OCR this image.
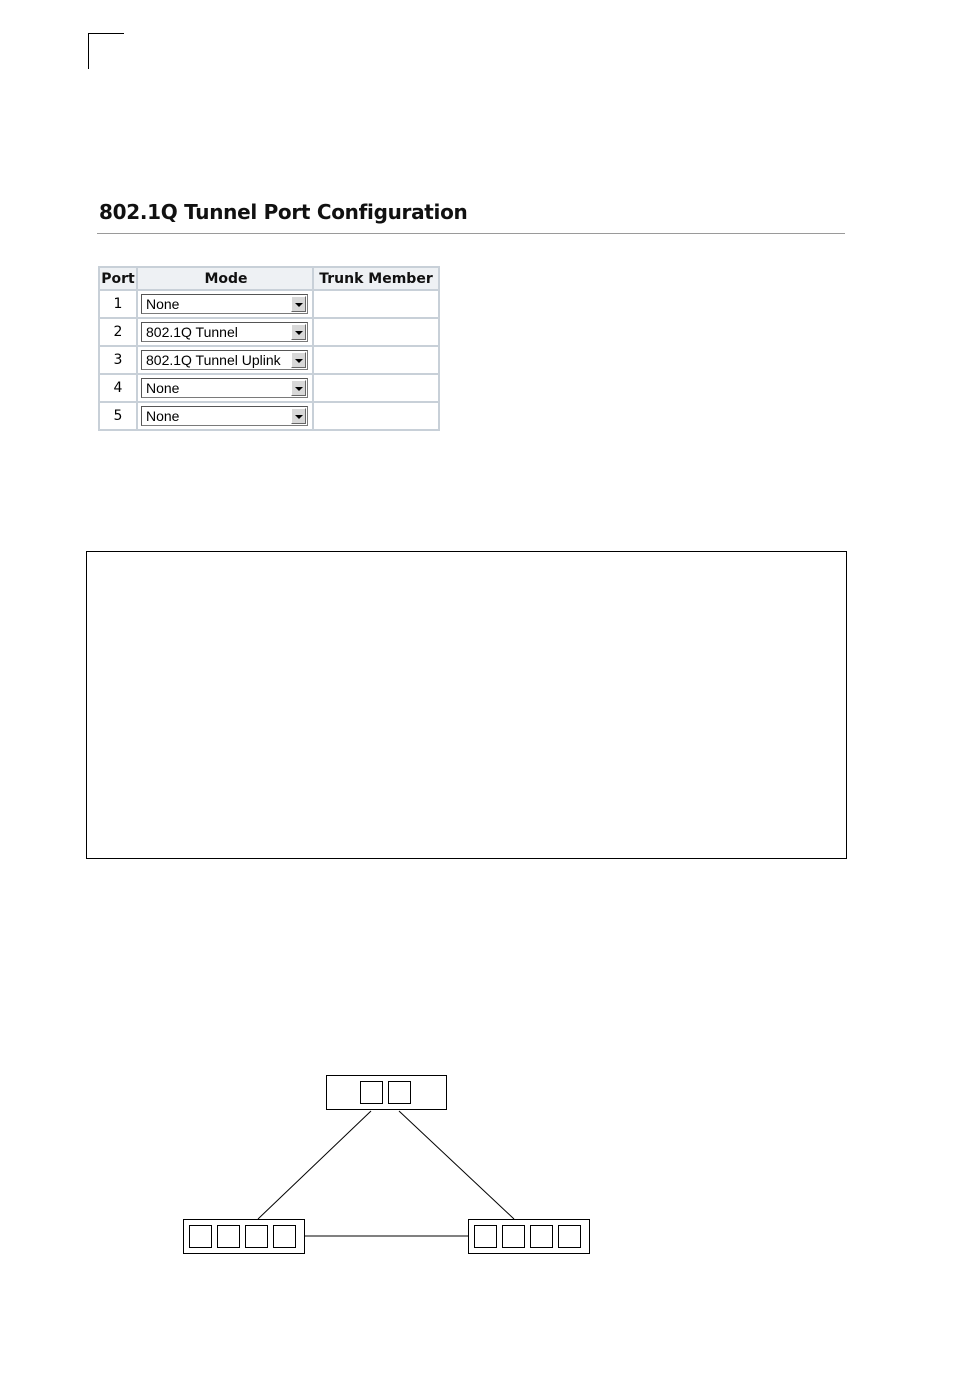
802.1Q Tunnel Port Configuration
Port	Mode	Trunk Member
1	None	

2	802.1Q Tunnel	

3	802.1Q Tunnel Uplink	

4	None	

5	None	
